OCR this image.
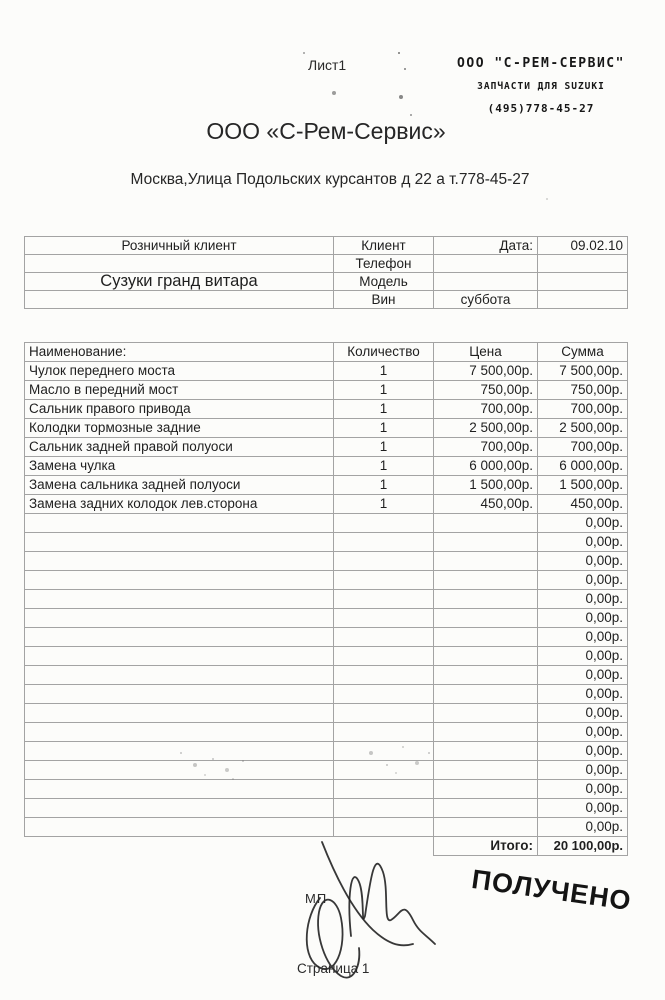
Лист1	ООО "С-РЕМ-СЕРВИС"
ЗАПЧАСТИ ДЛЯ SUZUKI
(495)778-45-27
ООО «С-Рем-Сервис»
Москва,Улица Подольских курсантов д 22 а т.778-45-27
Розничный клиент	Клиент	Дата:	09.02.10
	Телефон		
Сузуки гранд витара	Модель		
	Вин	суббота	
Наименование:	Количество	Цена	Сумма
Чулок переднего моста	1	7 500,00р.	7 500,00р.
Масло в передний мост	1	750,00р.	750,00р.
Сальник правого привода	1	700,00р.	700,00р.
Колодки тормозные задние	1	2 500,00р.	2 500,00р.
Сальник задней правой полуоси	1	700,00р.	700,00р.
Замена чулка	1	6 000,00р.	6 000,00р.
Замена сальника задней полуоси	1	1 500,00р.	1 500,00р.
Замена задних колодок лев.сторона	1	450,00р.	450,00р.
			0,00р.
			0,00р.
			0,00р.
			0,00р.
			0,00р.
			0,00р.
			0,00р.
			0,00р.
			0,00р.
			0,00р.
			0,00р.
			0,00р.
			0,00р.
			0,00р.
			0,00р.
			0,00р.
			0,00р.
		Итого:	20 100,00р.
МП	ПОЛУЧЕНО
Страница 1
